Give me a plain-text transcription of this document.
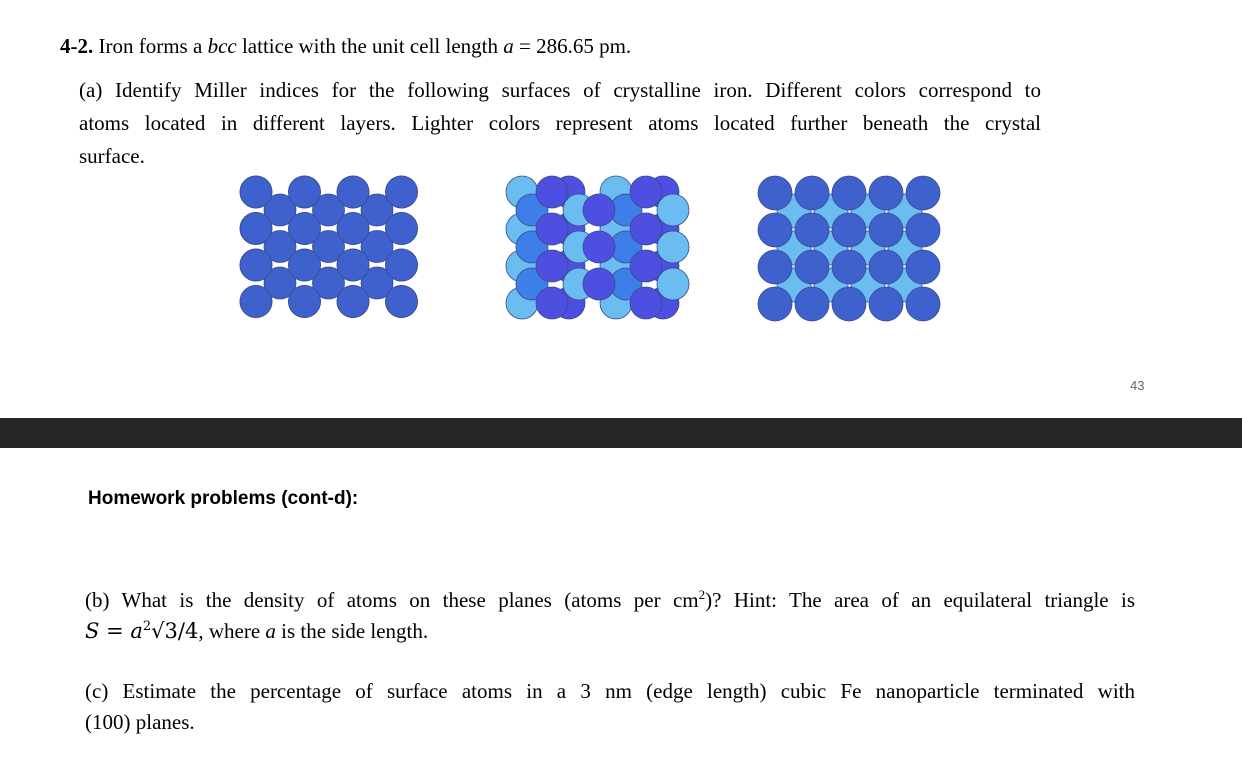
4-2. Iron forms a bcc lattice with the unit cell length a = 286.65 pm.
(a) Identify Miller indices for the following surfaces of crystalline iron. Different colors correspond to
atoms located in different layers. Lighter colors represent atoms located further beneath the crystal
surface.
43
Homework problems (cont-d):
(b) What is the density of atoms on these planes (atoms per $cm^2$)? Hint: The area of an equilateral triangle is
$S = a^2√3/4$, where a is the side length.
(c) Estimate the percentage of surface atoms in a 3 nm (edge length) cubic Fe nanoparticle terminated with
(100) planes.
